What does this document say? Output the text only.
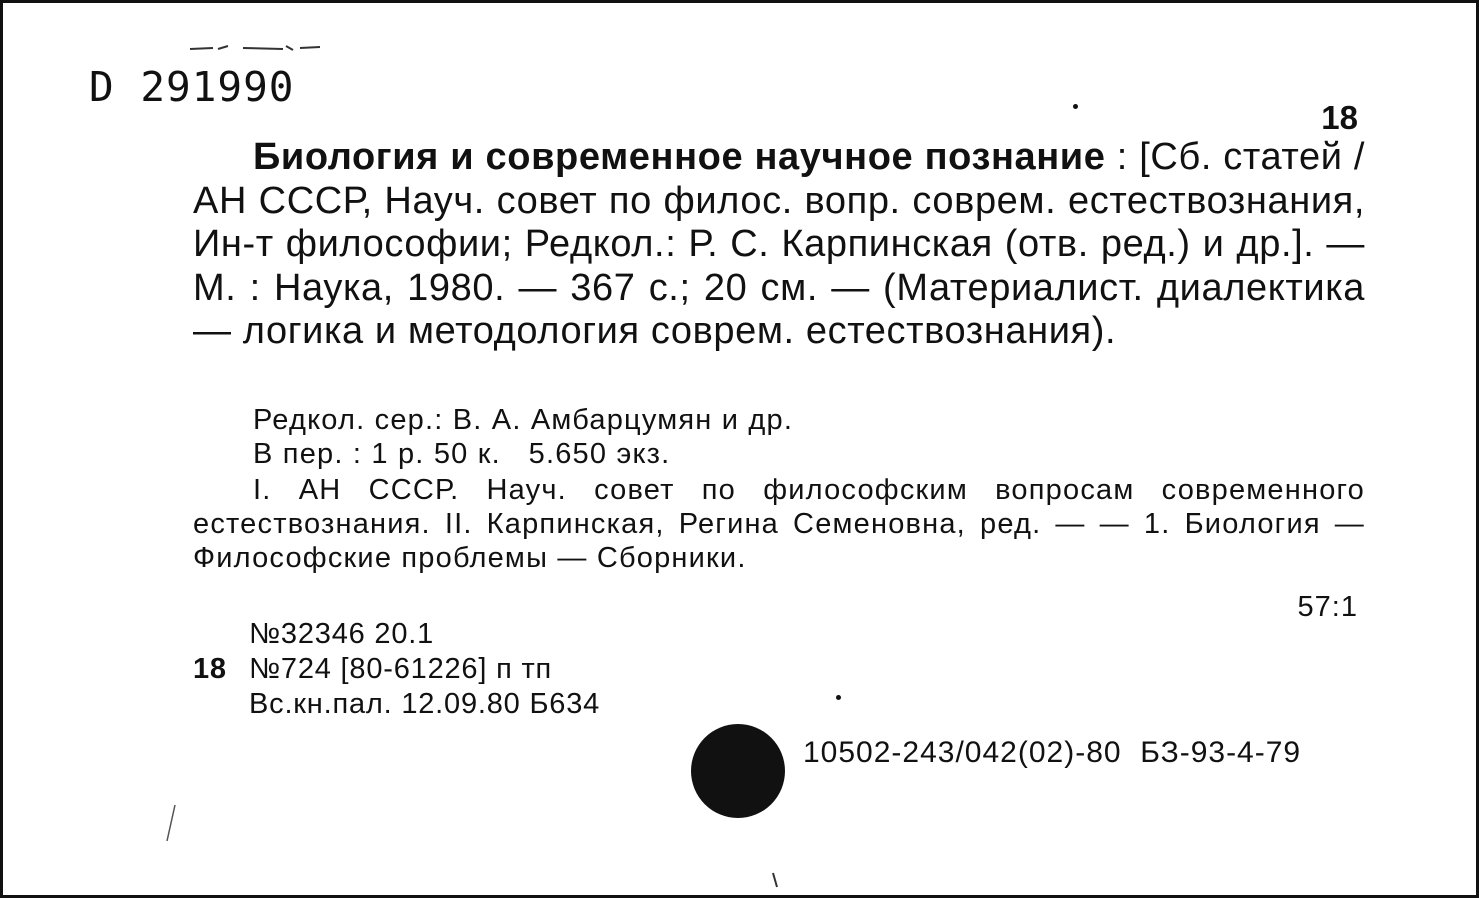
D 291990
18
Биология и современное научное познание : [Сб. статей / АН СССР, Науч. совет по филос. вопр. соврем. естествознания, Ин-т философии; Редкол.: Р. С. Карпинская (отв. ред.) и др.]. — М. : Наука, 1980. — 367 с.; 20 см. — (Материалист. диалектика — логика и методология соврем. естествознания).
Редкол. сер.: В. А. Амбарцумян и др.
В пер. : 1 р. 50 к.   5.650 экз.
I. АН СССР. Науч. совет по философским вопросам современного естествознания. II. Карпинская, Регина Семеновна, ред. — — 1. Биология — Философские проблемы — Сборники.
57:1
№32346 20.1
18 №724 [80-61226] п тп
Вс.кн.пал. 12.09.80 Б634
10502-243/042(02)-80  БЗ-93-4-79
